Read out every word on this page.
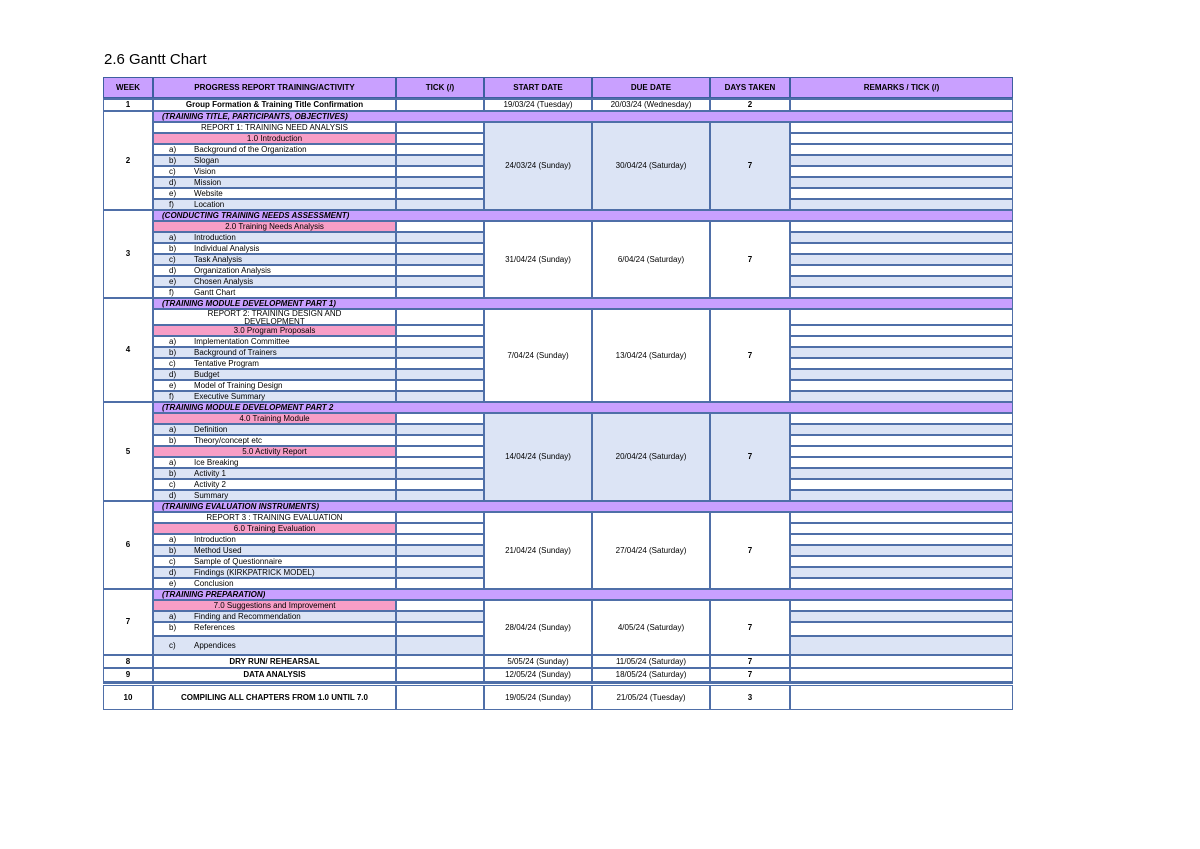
2.6 Gantt Chart
WEEK	PROGRESS REPORT TRAINING/ACTIVITY	TICK (/)	START DATE	DUE DATE	DAYS TAKEN	REMARKS / TICK (/)
1	Group Formation & Training Title Confirmation	19/03/24 (Tuesday)	20/03/24 (Wednesday)	2
2
(TRAINING TITLE, PARTICIPANTS, OBJECTIVES)
REPORT 1: TRAINING NEED ANALYSIS
1.0 Introduction
a) Background of the Organization
b) Slogan
c) Vision
d) Mission
e) Website
f)	Location
24/03/24 (Sunday)	30/04/24 (Saturday)	7
3
(CONDUCTING TRAINING NEEDS ASSESSMENT)
2.0 Training Needs Analysis
a) Introduction
b) Individual Analysis
c) Task Analysis
d) Organization Analysis
e) Chosen Analysis
f)	Gantt Chart
31/04/24 (Sunday)	6/04/24 (Saturday)	7
4
(TRAINING MODULE DEVELOPMENT PART 1)
REPORT 2: TRAINING DESIGN AND
DEVELOPMENT
3.0 Program Proposals
a) Implementation Committee
b) Background of Trainers
c) Tentative Program
d) Budget
e) Model of Training Design
f)	Executive Summary
7/04/24 (Sunday)	13/04/24 (Saturday)	7
5
(TRAINING MODULE DEVELOPMENT PART 2
4.0 Training Module
a) Definition
b) Theory/concept etc
5.0 Activity Report
a) Ice Breaking
b) Activity 1
c) Activity 2
d) Summary
14/04/24 (Sunday)	20/04/24 (Saturday)	7
6
(TRAINING EVALUATION INSTRUMENTS)
REPORT 3 : TRAINING EVALUATION
6.0 Training Evaluation
a) Introduction
b) Method Used
c) Sample of Questionnaire
d) Findings (KIRKPATRICK MODEL)
e) Conclusion
21/04/24 (Sunday)	27/04/24 (Saturday)	7
7
(TRAINING PREPARATION)
7.0 Suggestions and Improvement
a) Finding and Recommendation
b) References
c) Appendices
28/04/24 (Sunday)	4/05/24 (Saturday)	7
8	DRY RUN/ REHEARSAL	5/05/24 (Sunday)	11/05/24 (Saturday)	7
9	DATA ANALYSIS	12/05/24 (Sunday)	18/05/24 (Saturday)	7
10	COMPILING ALL CHAPTERS FROM 1.0 UNTIL 7.0	19/05/24 (Sunday)	21/05/24 (Tuesday)	3
